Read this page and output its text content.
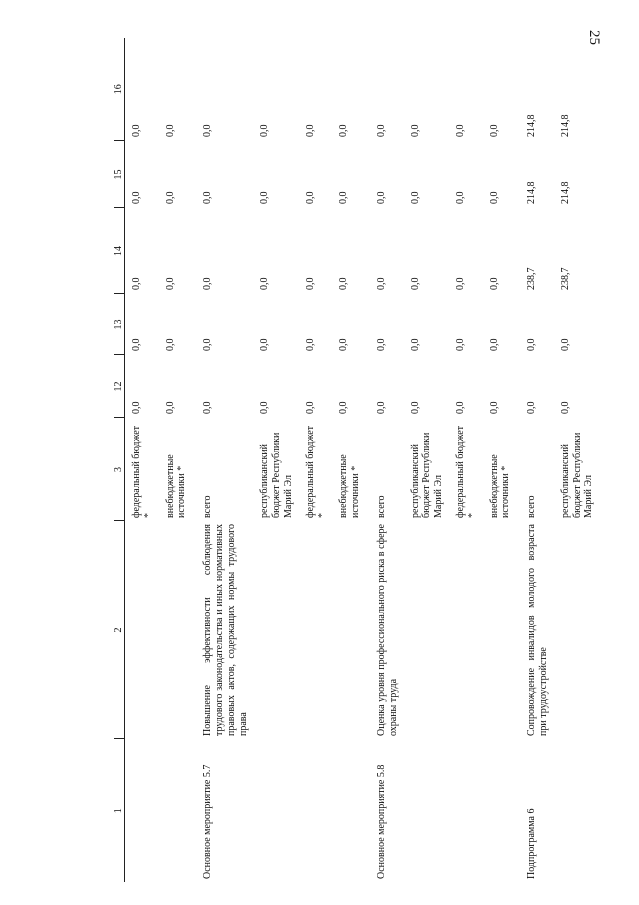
25
1	2	3	12	13	14	15	16
		федеральный бюджет *	0,0	0,0	0,0	0,0	0,0
		внебюджетные источники *	0,0	0,0	0,0	0,0	0,0
Основное мероприятие 5.7	Повышение эффективности соблюдения трудового законодательства и иных нормативных правовых актов, содержащих нормы трудового права	всего	0,0	0,0	0,0	0,0	0,0
		республиканский бюджет Республики Марий Эл	0,0	0,0	0,0	0,0	0,0
		федеральный бюджет *	0,0	0,0	0,0	0,0	0,0
		внебюджетные источники *	0,0	0,0	0,0	0,0	0,0
Основное мероприятие 5.8	Оценка уровня профессионального риска в сфере охраны труда	всего	0,0	0,0	0,0	0,0	0,0
		республиканский бюджет Республики Марий Эл	0,0	0,0	0,0	0,0	0,0
		федеральный бюджет *	0,0	0,0	0,0	0,0	0,0
		внебюджетные источники *	0,0	0,0	0,0	0,0	0,0
Подпрограмма 6	Сопровождение инвалидов молодого возраста при трудоустройстве	всего	0,0	0,0	238,7	214,8	214,8
		республиканский бюджет Республики Марий Эл	0,0	0,0	238,7	214,8	214,8
